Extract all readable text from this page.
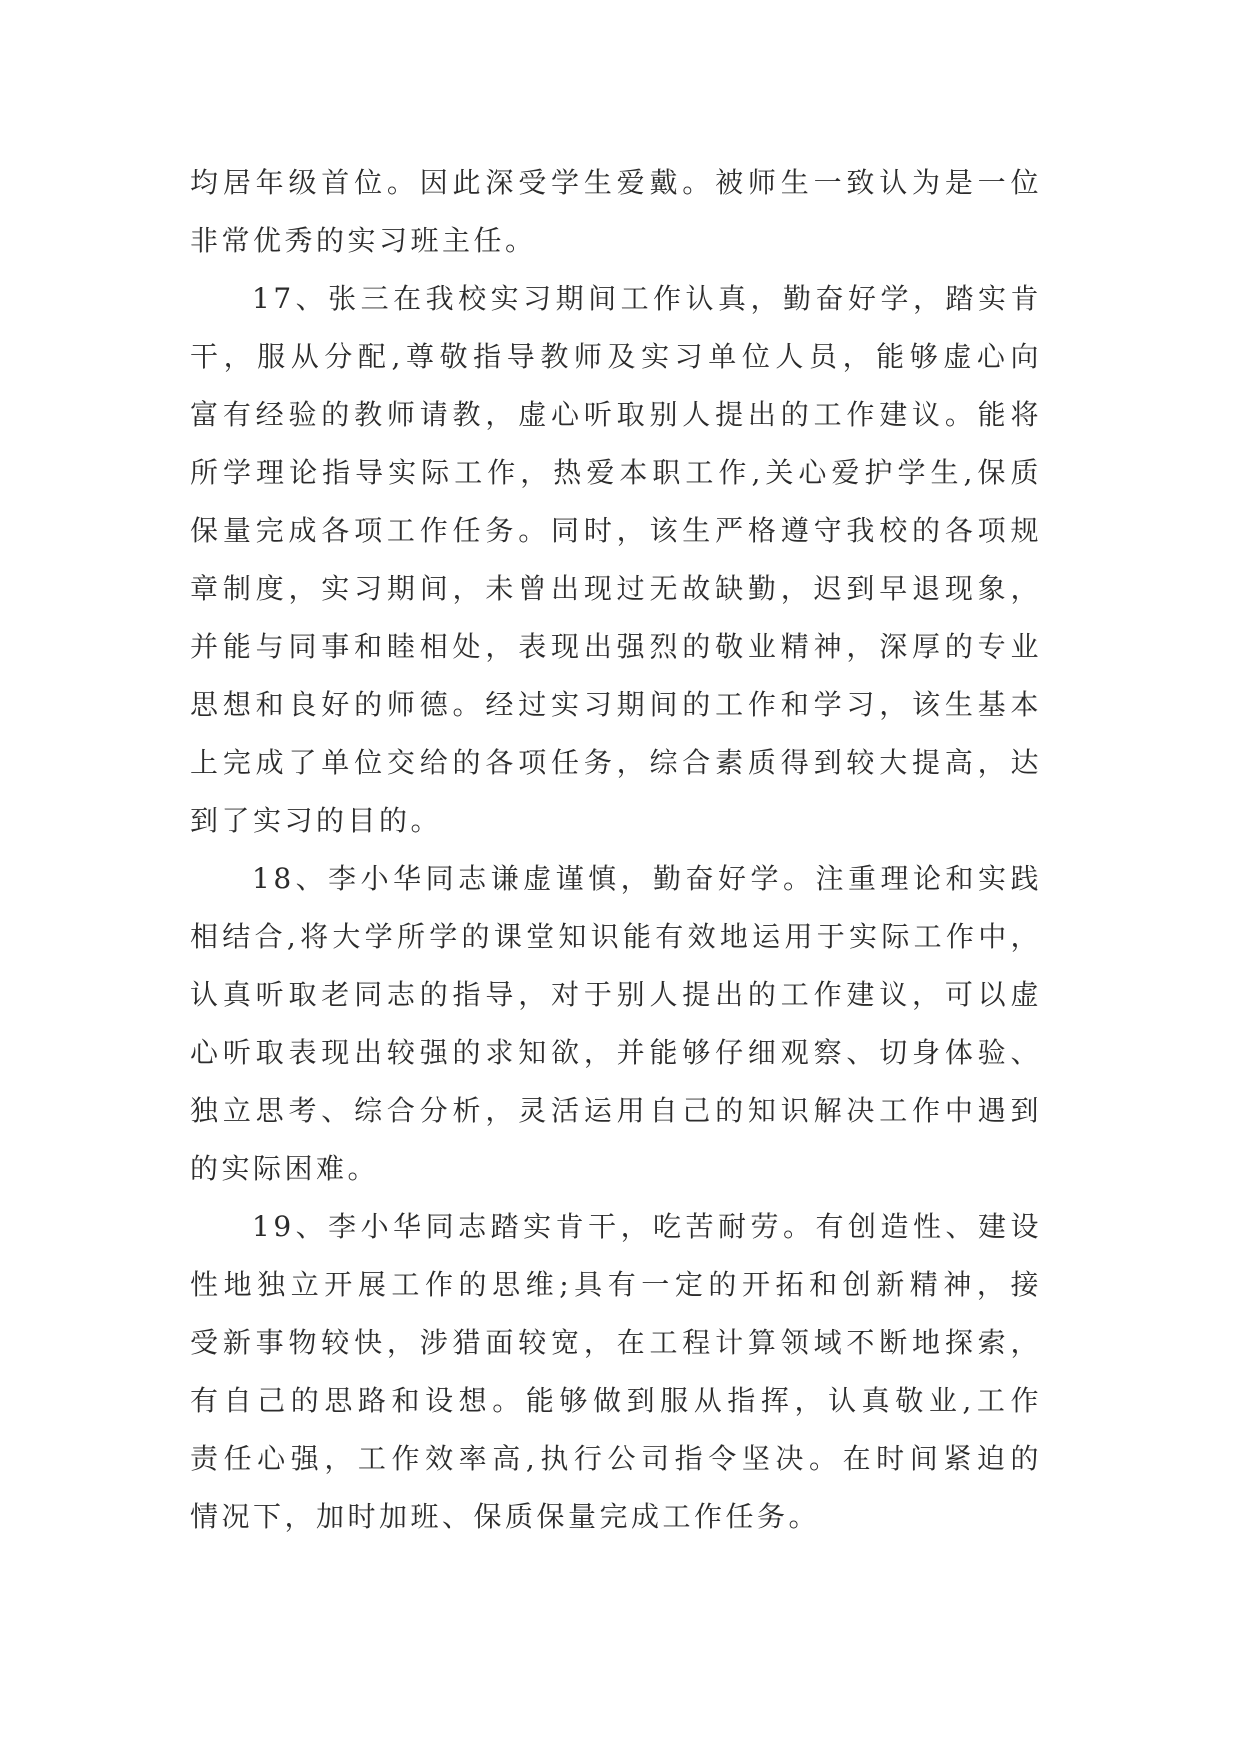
均居年级首位。因此深受学生爱戴。被师生一致认为是一位
非常优秀的实习班主任。
17、张三在我校实习期间工作认真，勤奋好学，踏实肯
干，服从分配,尊敬指导教师及实习单位人员，能够虚心向
富有经验的教师请教，虚心听取别人提出的工作建议。能将
所学理论指导实际工作，热爱本职工作,关心爱护学生,保质
保量完成各项工作任务。同时，该生严格遵守我校的各项规
章制度，实习期间，未曾出现过无故缺勤，迟到早退现象，
并能与同事和睦相处，表现出强烈的敬业精神，深厚的专业
思想和良好的师德。经过实习期间的工作和学习，该生基本
上完成了单位交给的各项任务，综合素质得到较大提高，达
到了实习的目的。
18、李小华同志谦虚谨慎，勤奋好学。注重理论和实践
相结合,将大学所学的课堂知识能有效地运用于实际工作中，
认真听取老同志的指导，对于别人提出的工作建议，可以虚
心听取表现出较强的求知欲，并能够仔细观察、切身体验、
独立思考、综合分析，灵活运用自己的知识解决工作中遇到
的实际困难。
19、李小华同志踏实肯干，吃苦耐劳。有创造性、建设
性地独立开展工作的思维;具有一定的开拓和创新精神，接
受新事物较快，涉猎面较宽，在工程计算领域不断地探索，
有自己的思路和设想。能够做到服从指挥，认真敬业,工作
责任心强，工作效率高,执行公司指令坚决。在时间紧迫的
情况下，加时加班、保质保量完成工作任务。
